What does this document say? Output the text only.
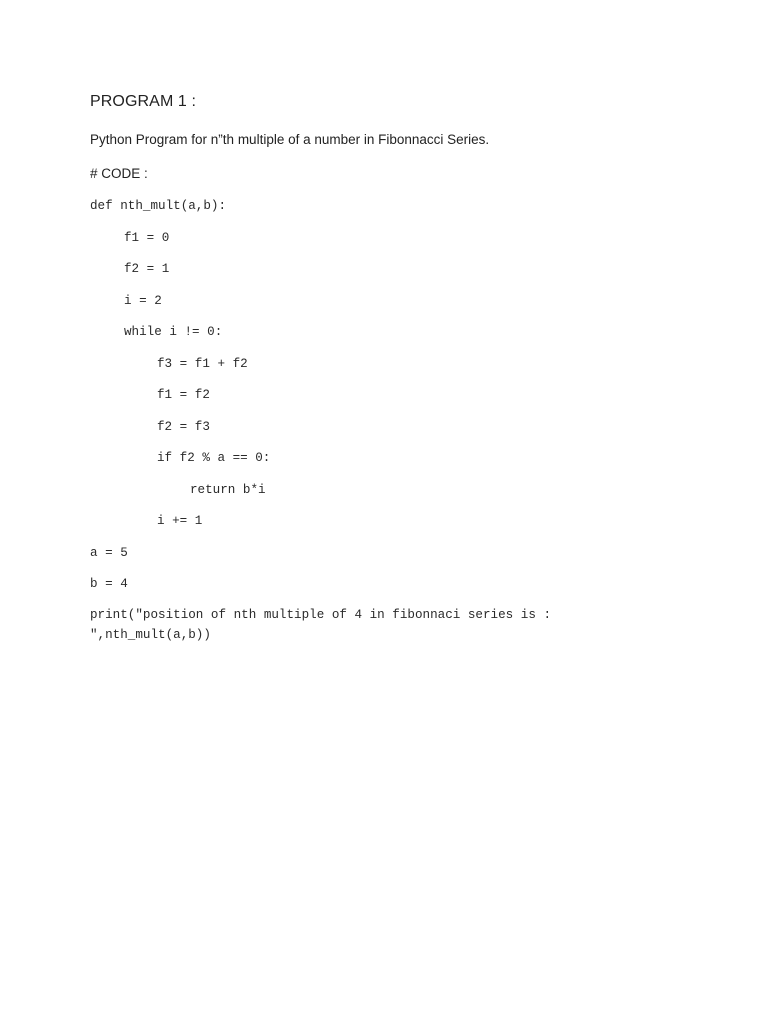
PROGRAM 1 :
Python Program for n”th multiple of a number in Fibonnacci Series.
# CODE :
def nth_mult(a,b):
f1 = 0
f2 = 1
i = 2
while i != 0:
f3 = f1 + f2
f1 = f2
f2 = f3
if f2 % a == 0:
return b*i
i += 1
a = 5
b = 4
print("position of nth multiple of 4 in fibonnaci series is :
",nth_mult(a,b))
